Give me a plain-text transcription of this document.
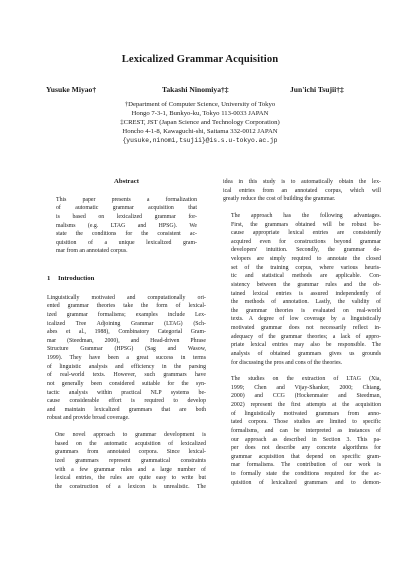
Lexicalized Grammar Acquisition
Yusuke Miyao†	Takashi Ninomiya†‡	Jun'ichi Tsujii†‡
†Department of Computer Science, University of Tokyo
Hongo 7-3-1, Bunkyo-ku, Tokyo 113-0033 JAPAN
‡CREST, JST (Japan Science and Technology Corporation)
Honcho 4-1-8, Kawaguchi-shi, Saitama 332-0012 JAPAN
{yusuke,ninomi,tsujii}@is.s.u-tokyo.ac.jp
Abstract
This paper presents a formalization
of automatic grammar acquisition that
is based on lexicalized grammar for-
malisms (e.g. LTAG and HPSG). We
state the conditions for the consistent ac-
quisition of a unique lexicalized gram-
mar from an annotated corpus.
1 Introduction

Linguistically motivated and computationally ori-
ented grammar theories take the form of lexical-
ized grammar formalisms; examples include Lex-
icalized Tree Adjoining Grammar (LTAG) (Sch-
abes et al., 1988), Combinatory Categorial Gram-
mar (Steedman, 2000), and Head-driven Phrase
Structure Grammar (HPSG) (Sag and Wasow,
1999). They have been a great success in terms
of linguistic analysis and efficiency in the parsing
of real-world texts. However, such grammars have
not generally been considered suitable for the syn-
tactic analysis within practical NLP systems be-
cause considerable effort is required to develop
and maintain lexicalized grammars that are both
robust and provide broad coverage.

One novel approach to grammar development is
based on the automatic acquisition of lexicalized
grammars from annotated corpora. Since lexical-
ized grammars represent grammatical constraints
with a few grammar rules and a large number of
lexical entries, the rules are quite easy to write but
the construction of a lexicon is unrealistic. The

idea in this study is to automatically obtain the lex-
ical entries from an annotated corpus, which will
greatly reduce the cost of building the grammar.

The approach has the following advantages.
First, the grammars obtained will be robust be-
cause appropriate lexical entries are consistently
acquired even for constructions beyond grammar
developers' intuition. Secondly, the grammar de-
velopers are simply required to annotate the closed
set of the training corpus, where various heuris-
tic and statistical methods are applicable. Con-
sistency between the grammar rules and the ob-
tained lexical entries is assured independently of
the methods of annotation. Lastly, the validity of
the grammar theories is evaluated on real-world
texts. A degree of low coverage by a linguistically
motivated grammar does not necessarily reflect in-
adequacy of the grammar theories; a lack of appro-
priate lexical entries may also be responsible. The
analysis of obtained grammars gives us grounds
for discussing the pros and cons of the theories.

The studies on the extraction of LTAG (Xia,
1999; Chen and Vijay-Shanker, 2000; Chiang,
2000) and CCG (Hockenmaier and Steedman,
2002) represent the first attempts at the acquisition
of linguistically motivated grammars from anno-
tated corpora. Those studies are limited to specific
formalisms, and can be interpreted as instances of
our approach as described in Section 3. This pa-
per does not describe any concrete algorithms for
grammar acquisition that depend on specific gram-
mar formalisms. The contribution of our work is
to formally state the conditions required for the ac-
quisition of lexicalized grammars and to demon-
